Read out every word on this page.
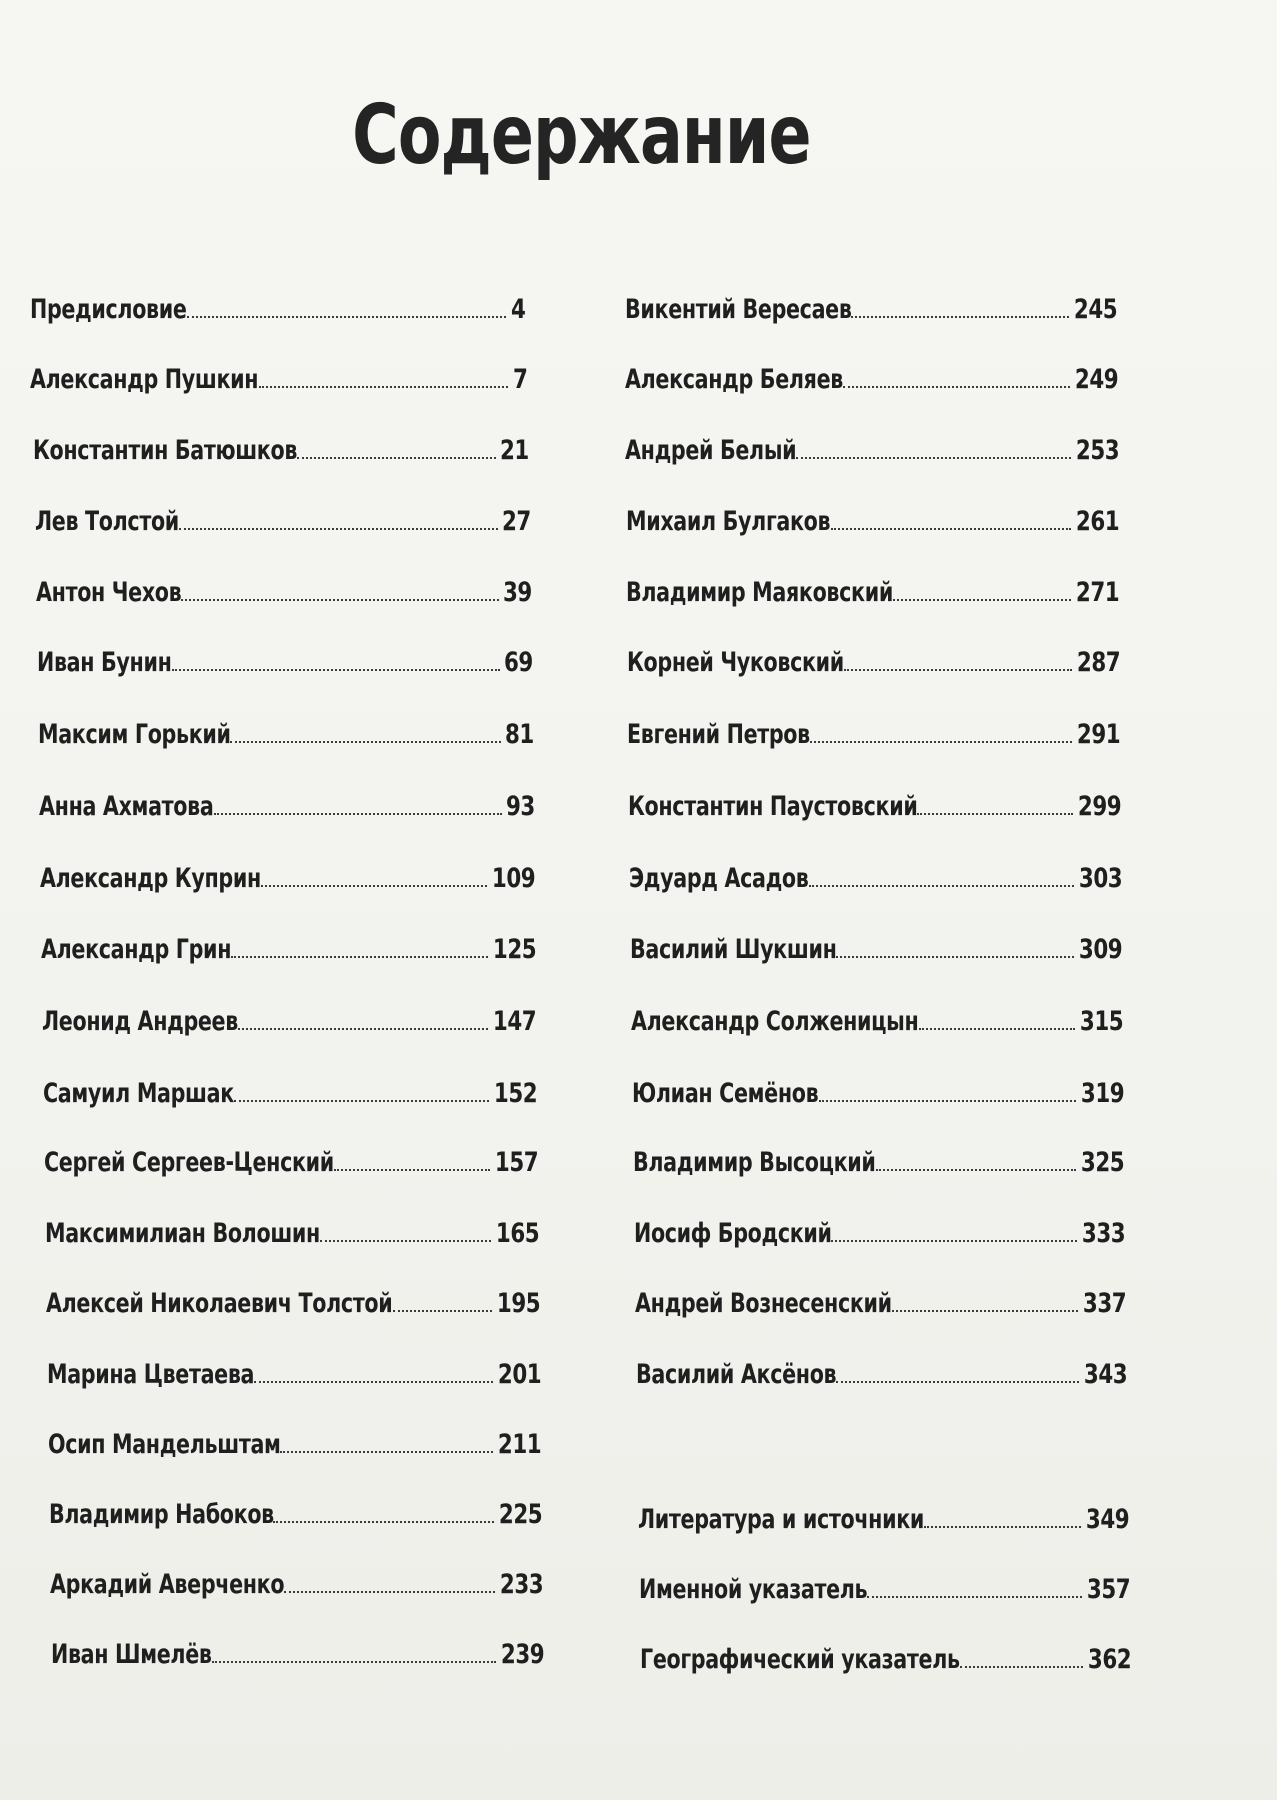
Содержание
Предисловие	4
Александр Пушкин	7
Константин Батюшков	21
Лев Толстой	27
Антон Чехов	39
Иван Бунин	69
Максим Горький	81
Анна Ахматова	93
Александр Куприн	109
Александр Грин	125
Леонид Андреев	147
Самуил Маршак	152
Сергей Сергеев-Ценский	157
Максимилиан Волошин	165
Алексей Николаевич Толстой	195
Марина Цветаева	201
Осип Мандельштам	211
Владимир Набоков	225
Аркадий Аверченко	233
Иван Шмелёв	239
Викентий Вересаев	245
Александр Беляев	249
Андрей Белый	253
Михаил Булгаков	261
Владимир Маяковский	271
Корней Чуковский	287
Евгений Петров	291
Константин Паустовский	299
Эдуард Асадов	303
Василий Шукшин	309
Александр Солженицын	315
Юлиан Семёнов	319
Владимир Высоцкий	325
Иосиф Бродский	333
Андрей Вознесенский	337
Василий Аксёнов	343
Литература и источники	349
Именной указатель	357
Географический указатель	362
